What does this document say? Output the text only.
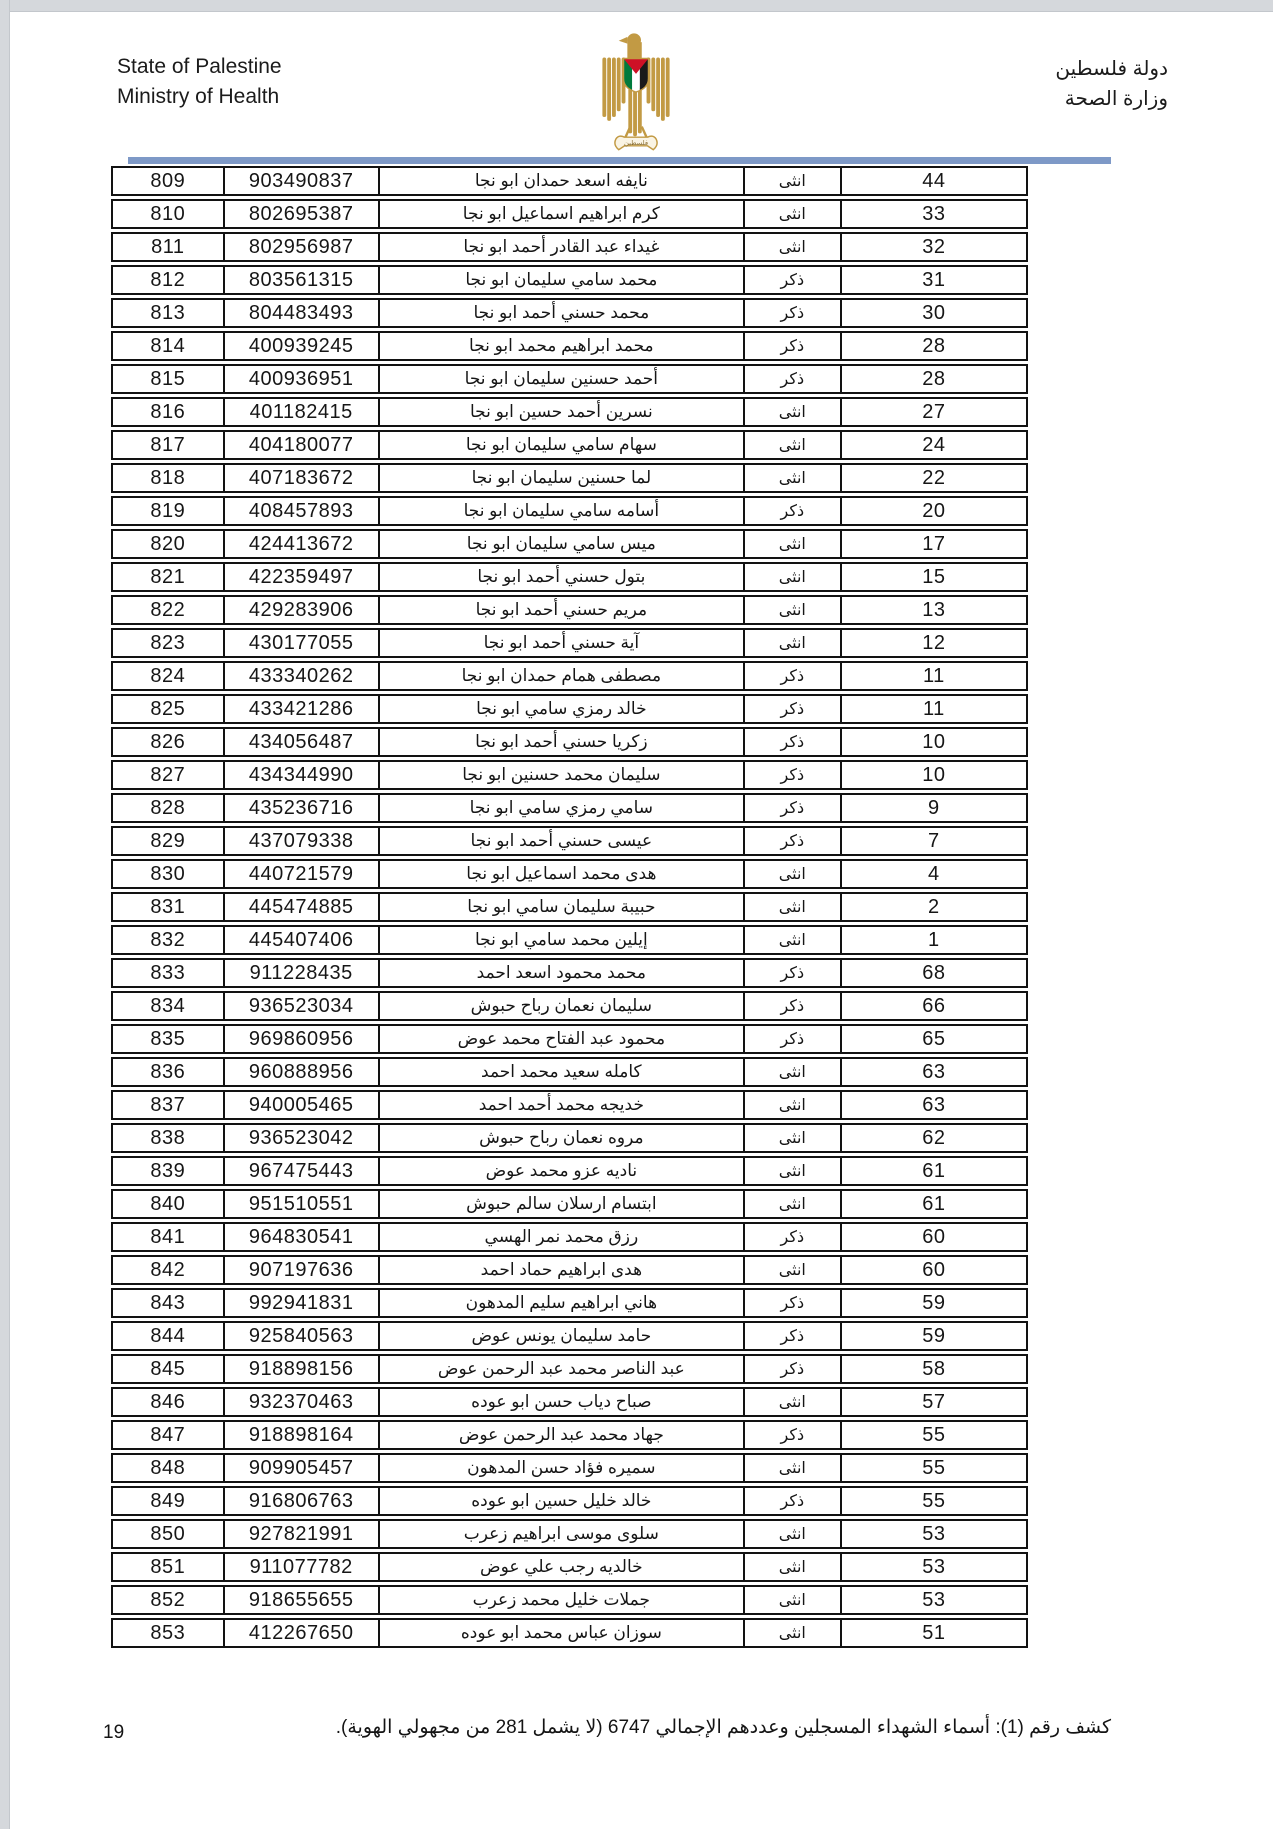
State of Palestine
Ministry of Health
فلسطين
دولة فلسطين
وزارة الصحة
809	903490837	نايفه اسعد حمدان ابو نجا	انثى	44
810	802695387	كرم ابراهيم اسماعيل ابو نجا	انثى	33
811	802956987	غيداء عبد القادر أحمد ابو نجا	انثى	32
812	803561315	محمد سامي سليمان ابو نجا	ذكر	31
813	804483493	محمد حسني أحمد ابو نجا	ذكر	30
814	400939245	محمد ابراهيم محمد ابو نجا	ذكر	28
815	400936951	أحمد حسنين سليمان ابو نجا	ذكر	28
816	401182415	نسرين أحمد حسين ابو نجا	انثى	27
817	404180077	سهام سامي سليمان ابو نجا	انثى	24
818	407183672	لما حسنين سليمان ابو نجا	انثى	22
819	408457893	أسامه سامي سليمان ابو نجا	ذكر	20
820	424413672	ميس سامي سليمان ابو نجا	انثى	17
821	422359497	بتول حسني أحمد ابو نجا	انثى	15
822	429283906	مريم حسني أحمد ابو نجا	انثى	13
823	430177055	آية حسني أحمد ابو نجا	انثى	12
824	433340262	مصطفى همام حمدان ابو نجا	ذكر	11
825	433421286	خالد رمزي سامي ابو نجا	ذكر	11
826	434056487	زكريا حسني أحمد ابو نجا	ذكر	10
827	434344990	سليمان محمد حسنين ابو نجا	ذكر	10
828	435236716	سامي رمزي سامي ابو نجا	ذكر	9
829	437079338	عيسى حسني أحمد ابو نجا	ذكر	7
830	440721579	هدى محمد اسماعيل ابو نجا	انثى	4
831	445474885	حبيبة سليمان سامي ابو نجا	انثى	2
832	445407406	إيلين محمد سامي ابو نجا	انثى	1
833	911228435	محمد محمود اسعد احمد	ذكر	68
834	936523034	سليمان نعمان رباح حبوش	ذكر	66
835	969860956	محمود عبد الفتاح محمد عوض	ذكر	65
836	960888956	كامله سعيد محمد احمد	انثى	63
837	940005465	خديجه محمد أحمد احمد	انثى	63
838	936523042	مروه نعمان رباح حبوش	انثى	62
839	967475443	ناديه عزو محمد عوض	انثى	61
840	951510551	ابتسام ارسلان سالم حبوش	انثى	61
841	964830541	رزق محمد نمر الهسي	ذكر	60
842	907197636	هدى ابراهيم حماد احمد	انثى	60
843	992941831	هاني ابراهيم سليم المدهون	ذكر	59
844	925840563	حامد سليمان يونس عوض	ذكر	59
845	918898156	عبد الناصر محمد عبد الرحمن عوض	ذكر	58
846	932370463	صباح دياب حسن ابو عوده	انثى	57
847	918898164	جهاد محمد عبد الرحمن عوض	ذكر	55
848	909905457	سميره فؤاد حسن المدهون	انثى	55
849	916806763	خالد خليل حسين ابو عوده	ذكر	55
850	927821991	سلوى موسى ابراهيم زعرب	انثى	53
851	911077782	خالديه رجب علي عوض	انثى	53
852	918655655	جملات خليل محمد زعرب	انثى	53
853	412267650	سوزان عباس محمد ابو عوده	انثى	51
كشف رقم (1): أسماء الشهداء المسجلين وعددهم الإجمالي 6747 (لا يشمل 281 من مجهولي الهوية).
19
